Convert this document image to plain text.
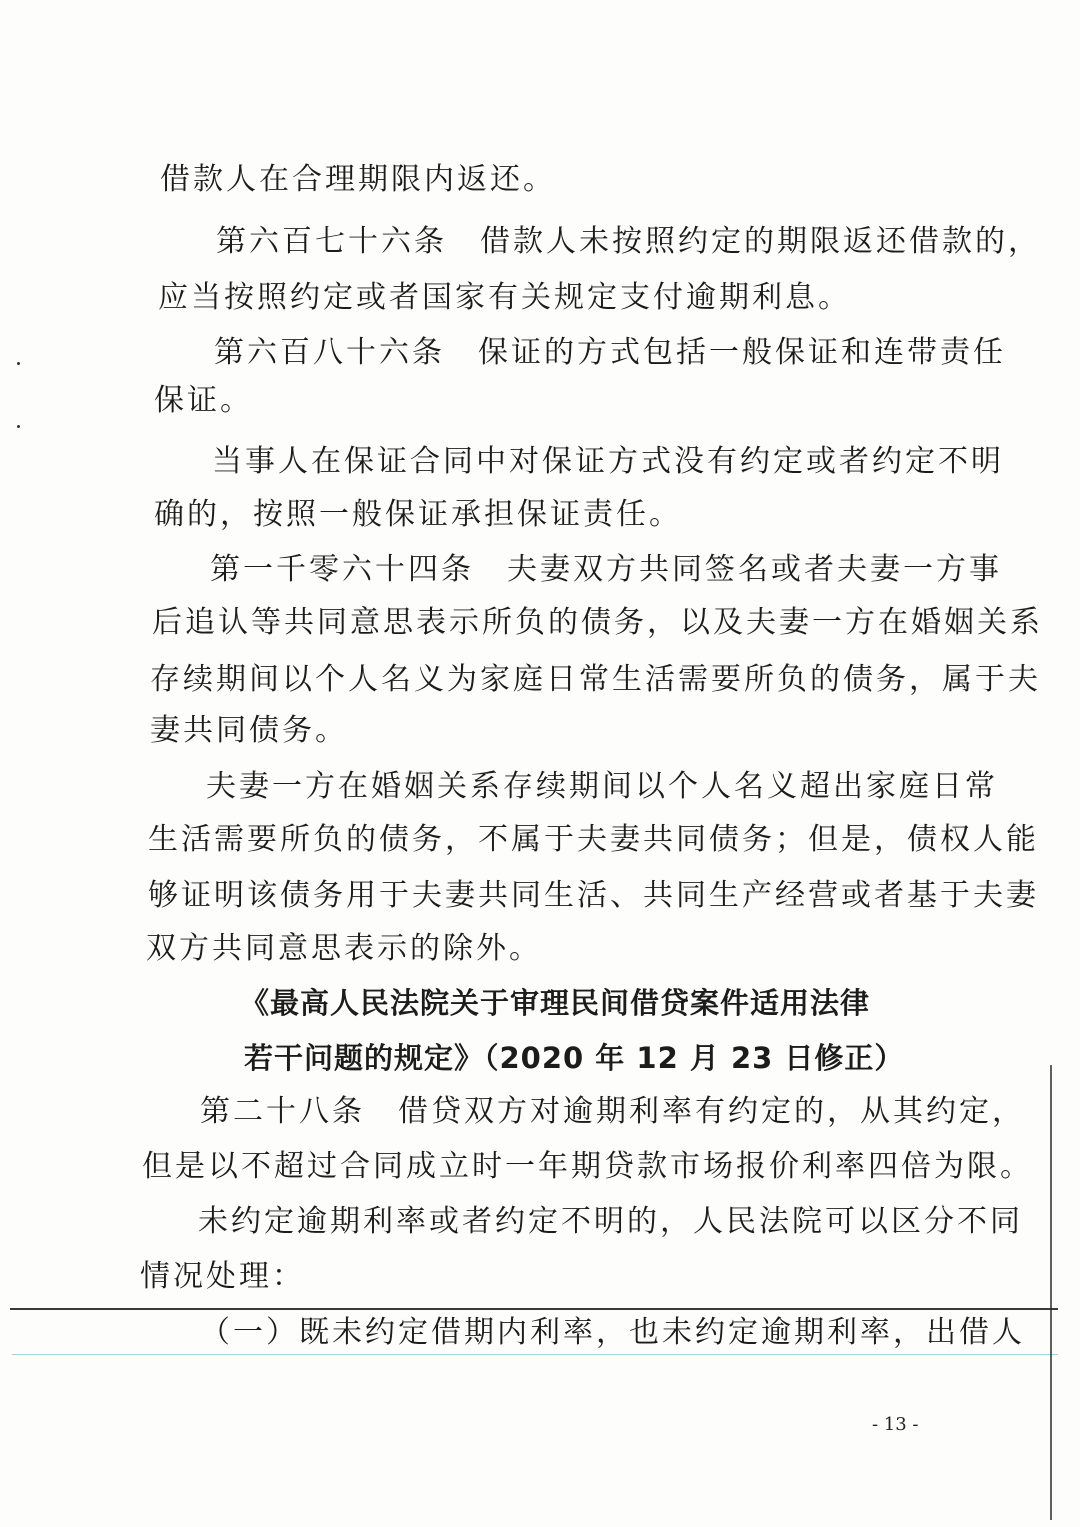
借款人在合理期限内返还。

第六百七十六条　借款人未按照约定的期限返还借款的，

应当按照约定或者国家有关规定支付逾期利息。

第六百八十六条　保证的方式包括一般保证和连带责任

保证。

当事人在保证合同中对保证方式没有约定或者约定不明

确的，按照一般保证承担保证责任。

第一千零六十四条　夫妻双方共同签名或者夫妻一方事

后追认等共同意思表示所负的债务，以及夫妻一方在婚姻关系

存续期间以个人名义为家庭日常生活需要所负的债务，属于夫

妻共同债务。

夫妻一方在婚姻关系存续期间以个人名义超出家庭日常

生活需要所负的债务，不属于夫妻共同债务；但是，债权人能

够证明该债务用于夫妻共同生活、共同生产经营或者基于夫妻

双方共同意思表示的除外。

《最高人民法院关于审理民间借贷案件适用法律

若干问题的规定》（2020 年 12 月 23 日修正）

第二十八条　借贷双方对逾期利率有约定的，从其约定，

但是以不超过合同成立时一年期贷款市场报价利率四倍为限。

未约定逾期利率或者约定不明的，人民法院可以区分不同

情况处理：

（一）既未约定借期内利率，也未约定逾期利率，出借人

- 13 -
